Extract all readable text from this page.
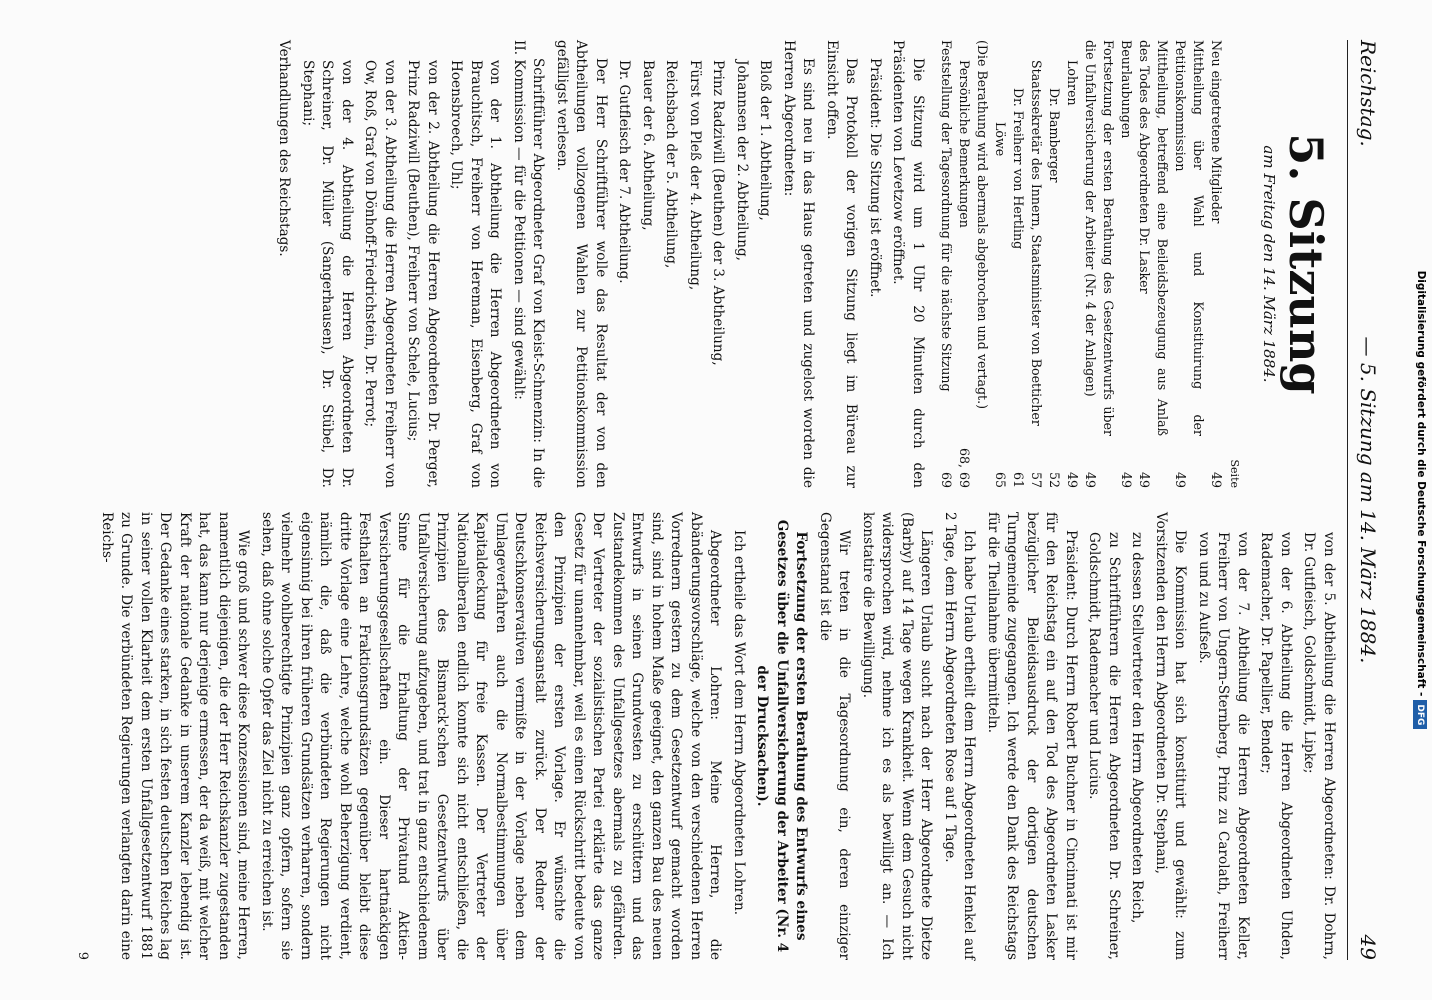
Reichstag.
— 5. Sitzung am 14. März 1884.
49
5. Sitzung
am Freitag den 14. März 1884.
Seite
Neu eingetretene Mitglieder
49
Mittheilung über Wahl und Konstituirung der Petitionskommission
49
Mittheilung, betreffend eine Beileidsbezeugung aus Anlaß des Todes des Abgeordneten Dr. Lasker
49
Beurlaubungen
49
Fortsetzung der ersten Berathung des Gesetzentwurfs über die Unfallversicherung der Arbeiter (Nr. 4 der Anlagen)
49
Lohren
49
Dr. Bamberger
52
Staatssekretär des Innern, Staatsminister von Boetticher
57
Dr. Freiherr von Hertling
61
Löwe
65
(Die Berathung wird abermals abgebrochen und vertagt.)
Persönliche Bemerkungen
68, 69
Feststellung der Tagesordnung für die nächste Sitzung
69

Die Sitzung wird um 1 Uhr 20 Minuten durch den Präsidenten von Levetzow eröffnet.

Präsident: Die Sitzung ist eröffnet.

Das Protokoll der vorigen Sitzung liegt im Büreau zur Einsicht offen.

Es sind neu in das Haus getreten und zugelost worden die Herren Abgeordneten:

Bloß der 1. Abtheilung,

Johannsen der 2. Abtheilung,

Prinz Radziwill (Beuthen) der 3. Abtheilung,

Fürst von Pleß der 4. Abtheilung,

Reichsbach der 5. Abtheilung,

Bauer der 6. Abtheilung,

Dr. Gutfleisch der 7. Abtheilung.

Der Herr Schriftführer wolle das Resultat der von den Abtheilungen vollzogenen Wahlen zur Petitionskommission gefälligst verlesen.

Schriftführer Abgeordneter Graf von Kleist-Schmenzin: In die II. Kommission — für die Petitionen — sind gewählt:

von der 1. Abtheilung die Herren Abgeordneten von Brauchitsch, Freiherr von Hereman, Eisenberg, Graf von Hoensbroech, Uhl;

von der 2. Abtheilung die Herren Abgeordneten Dr. Perger, Prinz Radziwill (Beuthen), Freiherr von Schele, Lucius;

von der 3. Abtheilung die Herren Abgeordneten Freiherr von Ow, Roß, Graf von Dönhoff-Friedrichstein, Dr. Perrot;

von der 4. Abtheilung die Herren Abgeordneten Dr. Schreiner, Dr. Müller (Sangerhausen), Dr. Stübel, Dr. Stephani;

Verhandlungen des Reichstags.

von der 5. Abtheilung die Herren Abgeordneten: Dr. Dohrn, Dr. Gutfleisch, Goldschmidt, Lipke;

von der 6. Abtheilung die Herren Abgeordneten Uhden, Rademacher, Dr. Papellier, Bender;

von der 7. Abtheilung die Herren Abgeordneten Keller, Freiherr von Ungern-Sternberg, Prinz zu Carolath, Freiherr von und zu Aufseß.

Die Kommission hat sich konstituirt und gewählt: zum Vorsitzenden den Herrn Abgeordneten Dr. Stephani,

zu dessen Stellvertreter den Herrn Abgeordneten Reich,

zu Schriftführern die Herren Abgeordneten Dr. Schreiner, Goldschmidt, Rademacher und Lucius.

Präsident: Durch Herrn Robert Buchner in Cincinnati ist mir für den Reichstag ein auf den Tod des Abgeordneten Lasker bezüglicher Beileidsausdruck der dortigen deutschen Turngemeinde zugegangen. Ich werde den Dank des Reichstags für die Theilnahme übermitteln.

Ich habe Urlaub ertheilt dem Herrn Abgeordneten Henkel auf 2 Tage, dem Herrn Abgeordneten Rose auf 1 Tage.

Längeren Urlaub sucht nach der Herr Abgeordnete Dietze (Barby) auf 14 Tage wegen Krankheit. Wenn dem Gesuch nicht widersprochen wird, nehme ich es als bewilligt an. — Ich konstatire die Bewilligung.

Wir treten in die Tagesordnung ein, deren einziger Gegenstand ist die

Fortsetzung der ersten Berathung des Entwurfs eines Gesetzes über die Unfallversicherung der Arbeiter (Nr. 4 der Drucksachen).

Ich ertheile das Wort dem Herrn Abgeordneten Lohren.

Abgeordneter Lohren: Meine Herren, die Abänderungsvorschläge, welche von den verschiedenen Herren Vorrednern gestern zu dem Gesetzentwurf gemacht worden sind, sind in hohem Maße geeignet, den ganzen Bau des neuen Entwurfs in seinen Grundvesten zu erschüttern und das Zustandekommen des Unfallgesetzes abermals zu gefährden. Der Vertreter der sozialistischen Partei erklärte das ganze Gesetz für unannehmbar, weil es einen Rückschritt bedeute von den Prinzipien der ersten Vorlage. Er wünschte die Reichsversicherungsanstalt zurück. Der Redner der Deutschkonservativen vermißte in der Vorlage neben dem Umlageverfahren auch die Normalbestimmungen über Kapitaldeckung für freie Kassen. Der Vertreter der Nationalliberalen endlich konnte sich nicht entschließen, die Prinzipien des Bismarck'schen Gesetzentwurfs über Unfallversicherung aufzugeben, und trat in ganz entschiedenem Sinne für die Erhaltung der Privatund Aktien-Versicherungsgesellschaften ein. Dieser hartnäckigen Festhalten an Fraktionsgrundsätzen gegenüber bleibt diese dritte Vorlage eine Lehre, welche wohl Beherzigung verdient, nämlich die, daß die verbündeten Regierungen nicht eigensinnig bei ihren früheren Grundsätzen verharren, sondern vielmehr wohlberechtigte Prinzipien ganz opfern, sofern sie sehen, daß ohne solche Opfer das Ziel nicht zu erreichen ist.

Wie groß und schwer diese Konzessionen sind, meine Herren, namentlich diejenigen, die der Herr Reichskanzler zugestanden hat, das kann nur derjenige ermessen, der da weiß, mit welcher Kraft der nationale Gedanke in unserem Kanzler lebendig ist. Der Gedanke eines starken, in sich festen deutschen Reiches lag in seiner vollen Klarheit dem ersten Unfallgesetzentwurf 1881 zu Grunde. Die verbündeten Regierungen verlangten darin eine Reichs-

9
Digitalisierung gefördert durch die Deutsche Forschungsgemeinschaft -DFG
